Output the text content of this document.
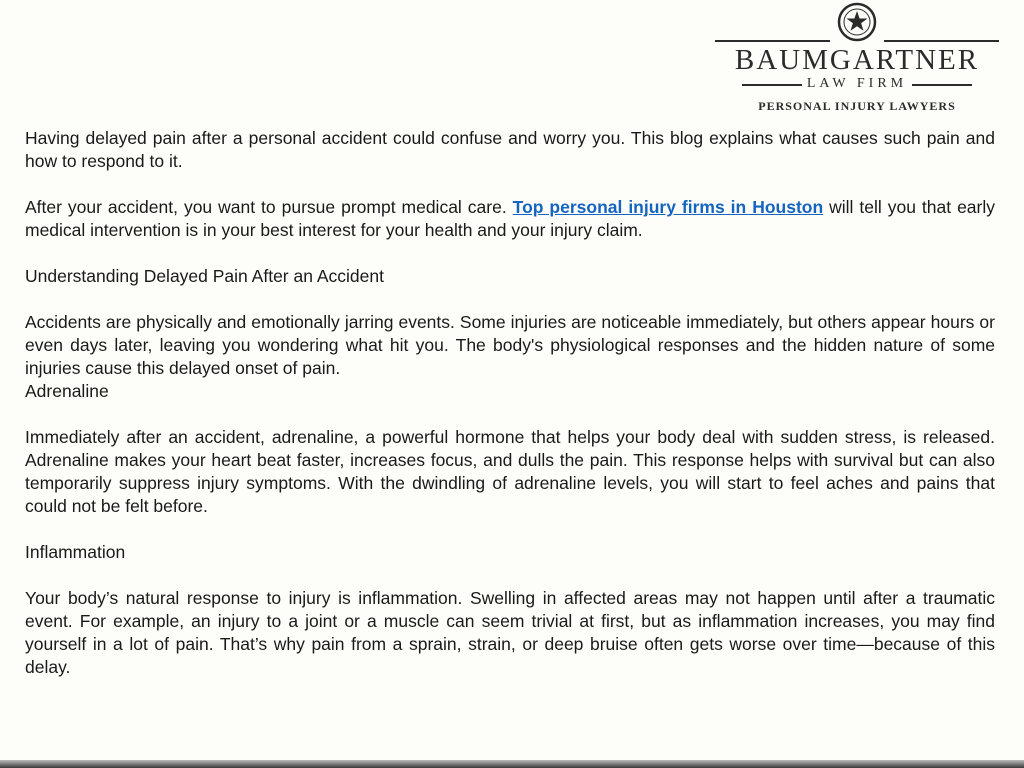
BAUMGARTNER
LAW FIRM
PERSONAL INJURY LAWYERS

Having delayed pain after a personal accident could confuse and worry you. This blog explains what causes such pain and how to respond to it.

After your accident, you want to pursue prompt medical care. Top personal injury firms in Houston will tell you that early medical intervention is in your best interest for your health and your injury claim.

Understanding Delayed Pain After an Accident

Accidents are physically and emotionally jarring events. Some injuries are noticeable immediately, but others appear hours or even days later, leaving you wondering what hit you. The body's physiological responses and the hidden nature of some injuries cause this delayed onset of pain.

Adrenaline

Immediately after an accident, adrenaline, a powerful hormone that helps your body deal with sudden stress, is released. Adrenaline makes your heart beat faster, increases focus, and dulls the pain. This response helps with survival but can also temporarily suppress injury symptoms. With the dwindling of adrenaline levels, you will start to feel aches and pains that could not be felt before.

Inflammation

Your body’s natural response to injury is inflammation. Swelling in affected areas may not happen until after a traumatic event. For example, an injury to a joint or a muscle can seem trivial at first, but as inflammation increases, you may find yourself in a lot of pain. That’s why pain from a sprain, strain, or deep bruise often gets worse over time—because of this delay.
